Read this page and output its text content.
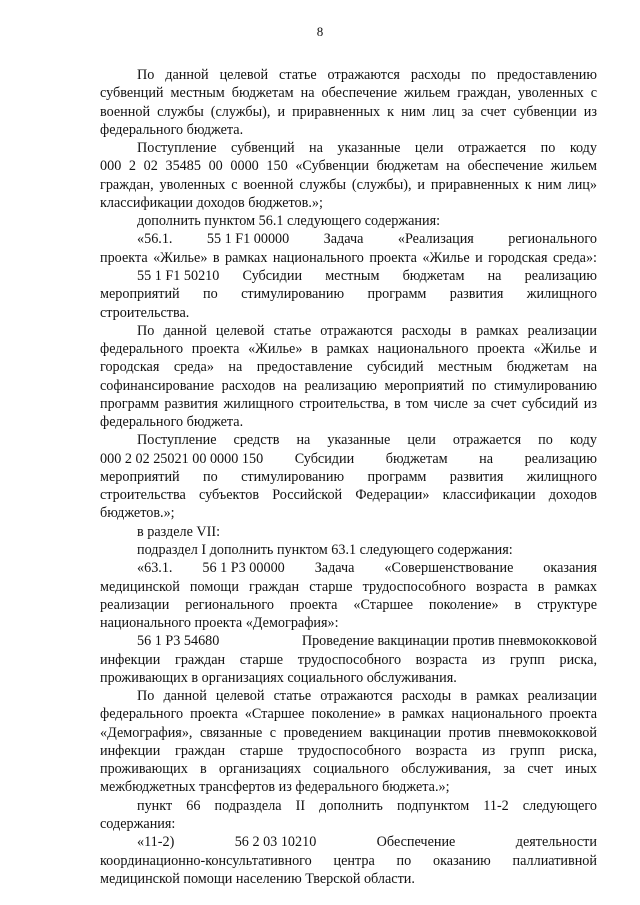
8
По данной целевой статье отражаются расходы по предоставлению
субвенций местным бюджетам на обеспечение жильем граждан, уволенных с
военной службы (службы), и приравненных к ним лиц за счет субвенции из
федерального бюджета.
Поступление субвенций на указанные цели отражается по коду
000 2 02 35485 00 0000 150 «Субвенции бюджетам на обеспечение жильем
граждан, уволенных с военной службы (службы), и приравненных к ним лиц»
классификации доходов бюджетов.»;
дополнить пунктом 56.1 следующего содержания:
«56.1. 55 1 F1 00000 Задача «Реализация регионального
проекта «Жилье» в рамках национального проекта «Жилье и городская среда»:
55 1 F1 50210 Субсидии местным бюджетам на реализацию
мероприятий по стимулированию программ развития жилищного
строительства.
По данной целевой статье отражаются расходы в рамках реализации
федерального проекта «Жилье» в рамках национального проекта «Жилье и
городская среда» на предоставление субсидий местным бюджетам на
софинансирование расходов на реализацию мероприятий по стимулированию
программ развития жилищного строительства, в том числе за счет субсидий из
федерального бюджета.
Поступление средств на указанные цели отражается по коду
000 2 02 25021 00 0000 150 Субсидии бюджетам на реализацию
мероприятий по стимулированию программ развития жилищного
строительства субъектов Российской Федерации» классификации доходов
бюджетов.»;
в разделе VII:
подраздел I дополнить пунктом 63.1 следующего содержания:
«63.1. 56 1 P3 00000 Задача «Совершенствование оказания
медицинской помощи граждан старше трудоспособного возраста в рамках
реализации регионального проекта «Старшее поколение» в структуре
национального проекта «Демография»:
56 1 P3 54680	Проведение вакцинации против пневмококковой
инфекции граждан старше трудоспособного возраста из групп риска,
проживающих в организациях социального обслуживания.
По данной целевой статье отражаются расходы в рамках реализации
федерального проекта «Старшее поколение» в рамках национального проекта
«Демография», связанные с проведением вакцинации против пневмококковой
инфекции граждан старше трудоспособного возраста из групп риска,
проживающих в организациях социального обслуживания, за счет иных
межбюджетных трансфертов из федерального бюджета.»;
пункт 66 подраздела II дополнить подпунктом 11-2 следующего
содержания:
«11-2)	56 2 03 10210	Обеспечение	деятельности
координационно-консультативного центра по оказанию паллиативной
медицинской помощи населению Тверской области.
